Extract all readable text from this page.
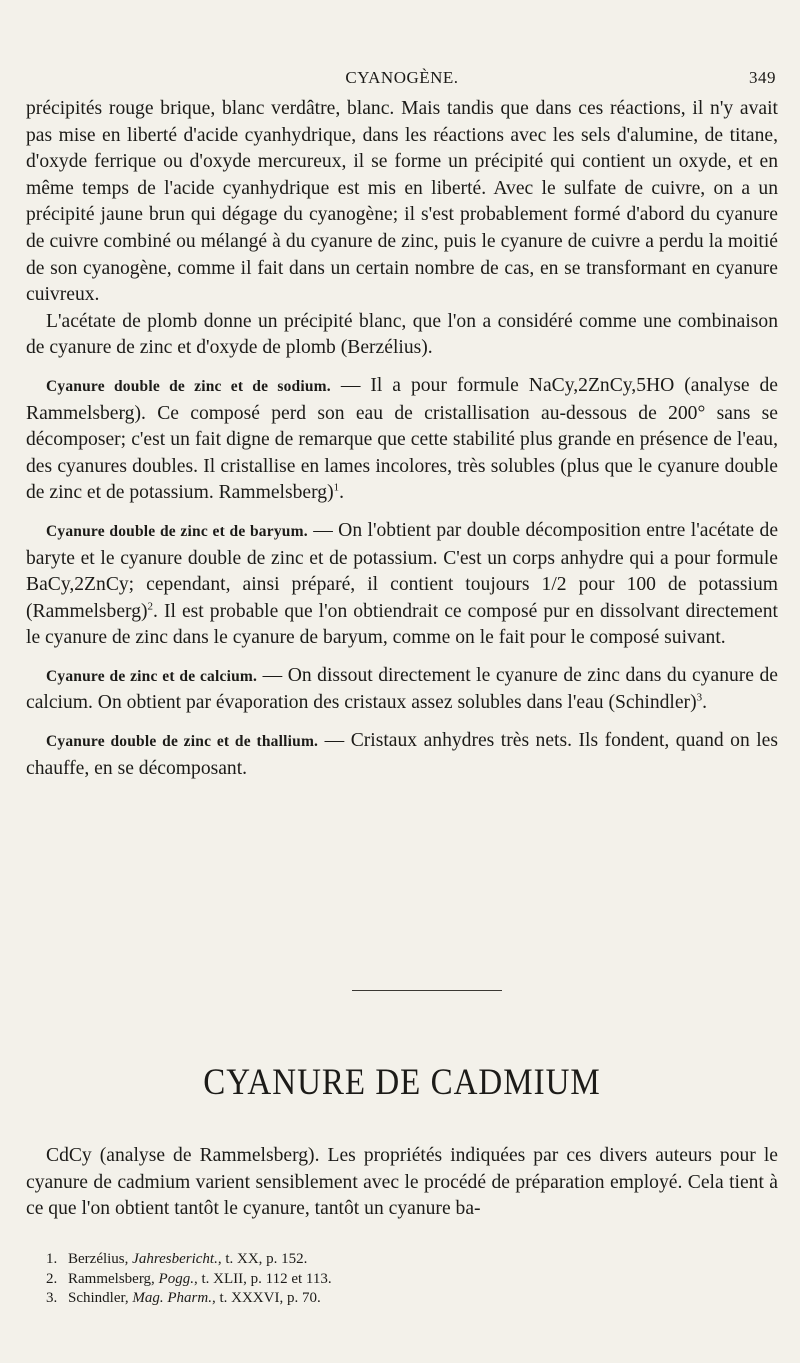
CYANOGÈNE.	349

précipités rouge brique, blanc verdâtre, blanc. Mais tandis que dans ces réactions, il n'y avait pas mise en liberté d'acide cyanhydrique, dans les réactions avec les sels d'alumine, de titane, d'oxyde ferrique ou d'oxyde mercureux, il se forme un précipité qui contient un oxyde, et en même temps de l'acide cyanhydrique est mis en liberté. Avec le sulfate de cuivre, on a un précipité jaune brun qui dégage du cyanogène; il s'est probablement formé d'abord du cyanure de cuivre combiné ou mélangé à du cyanure de zinc, puis le cyanure de cuivre a perdu la moitié de son cyanogène, comme il fait dans un certain nombre de cas, en se transformant en cyanure cuivreux.

L'acétate de plomb donne un précipité blanc, que l'on a considéré comme une combinaison de cyanure de zinc et d'oxyde de plomb (Berzélius).

Cyanure double de zinc et de sodium. — Il a pour formule NaCy,2ZnCy,5HO (analyse de Rammelsberg). Ce composé perd son eau de cristallisation au-dessous de 200° sans se décomposer; c'est un fait digne de remarque que cette stabilité plus grande en présence de l'eau, des cyanures doubles. Il cristallise en lames incolores, très solubles (plus que le cyanure double de zinc et de potassium. Rammelsberg)$^1$.

Cyanure double de zinc et de baryum. — On l'obtient par double décomposition entre l'acétate de baryte et le cyanure double de zinc et de potassium. C'est un corps anhydre qui a pour formule BaCy,2ZnCy; cependant, ainsi préparé, il contient toujours 1/2 pour 100 de potassium (Rammelsberg)$^2$. Il est probable que l'on obtiendrait ce composé pur en dissolvant directement le cyanure de zinc dans le cyanure de baryum, comme on le fait pour le composé suivant.

Cyanure de zinc et de calcium. — On dissout directement le cyanure de zinc dans du cyanure de calcium. On obtient par évaporation des cristaux assez solubles dans l'eau (Schindler)$^3$.

Cyanure double de zinc et de thallium. — Cristaux anhydres très nets. Ils fondent, quand on les chauffe, en se décomposant.

CYANURE DE CADMIUM

CdCy (analyse de Rammelsberg). Les propriétés indiquées par ces divers auteurs pour le cyanure de cadmium varient sensiblement avec le procédé de préparation employé. Cela tient à ce que l'on obtient tantôt le cyanure, tantôt un cyanure ba-

1. Berzélius, Jahresbericht., t. XX, p. 152.
2. Rammelsberg, Pogg., t. XLII, p. 112 et 113.
3. Schindler, Mag. Pharm., t. XXXVI, p. 70.
